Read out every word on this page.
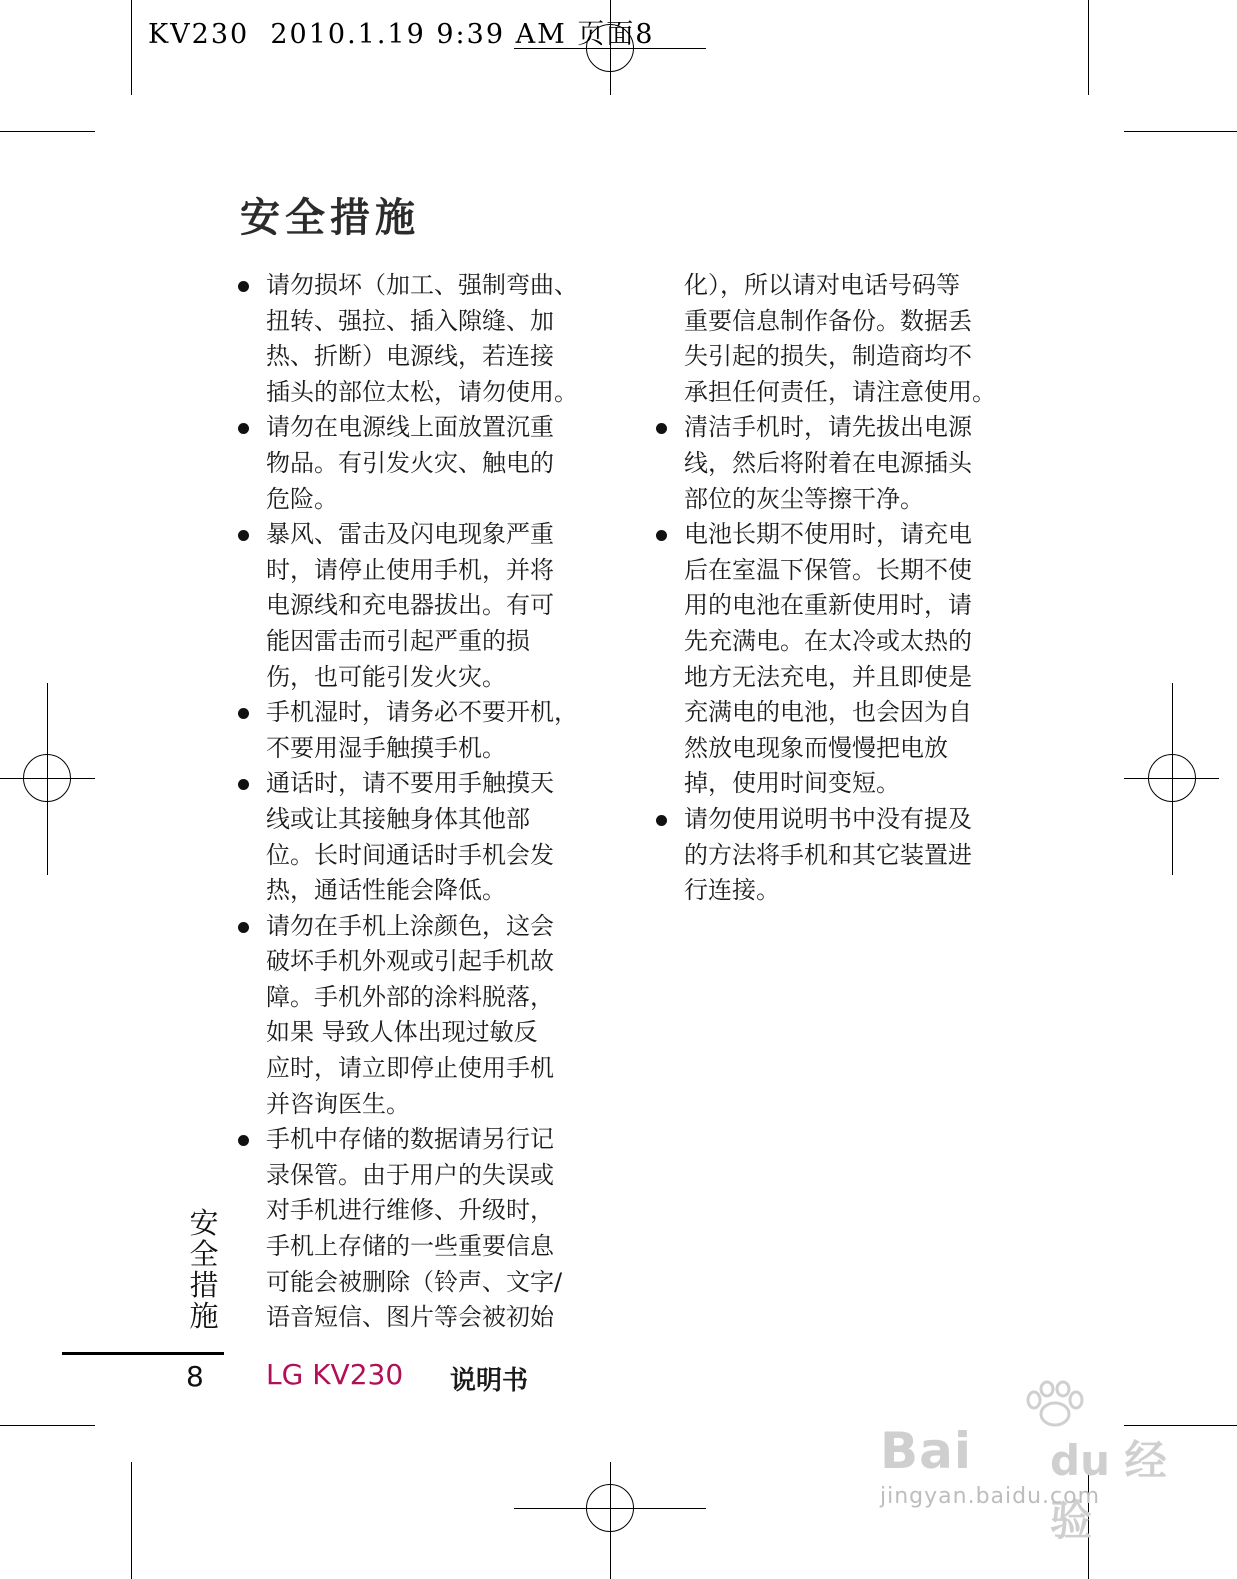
KV230  2010.1.19 9:39 AM 页面8
安全措施
请勿损坏（加工、强制弯曲、
扭转、强拉、插入隙缝、加
热、折断）电源线，若连接
插头的部位太松，请勿使用。
请勿在电源线上面放置沉重
物品。有引发火灾、触电的
危险。
暴风、雷击及闪电现象严重
时，请停止使用手机，并将
电源线和充电器拔出。有可
能因雷击而引起严重的损
伤，也可能引发火灾。
手机湿时，请务必不要开机，
不要用湿手触摸手机。
通话时，请不要用手触摸天
线或让其接触身体其他部
位。长时间通话时手机会发
热，通话性能会降低。
请勿在手机上涂颜色，这会
破坏手机外观或引起手机故
障。手机外部的涂料脱落，
如果 导致人体出现过敏反
应时，请立即停止使用手机
并咨询医生。
手机中存储的数据请另行记
录保管。由于用户的失误或
对手机进行维修、升级时，
手机上存储的一些重要信息
可能会被删除（铃声、文字/
语音短信、图片等会被初始
化），所以请对电话号码等
重要信息制作备份。数据丢
失引起的损失，制造商均不
承担任何责任，请注意使用。
清洁手机时，请先拔出电源
线，然后将附着在电源插头
部位的灰尘等擦干净。
电池长期不使用时，请充电
后在室温下保管。长期不使
用的电池在重新使用时，请
先充满电。在太冷或太热的
地方无法充电，并且即使是
充满电的电池，也会因为自
然放电现象而慢慢把电放
掉，使用时间变短。
请勿使用说明书中没有提及
的方法将手机和其它装置进
行连接。
安
全
措
施
8 LG KV230 说明书
Bai du 经验
jingyan.baidu.com
